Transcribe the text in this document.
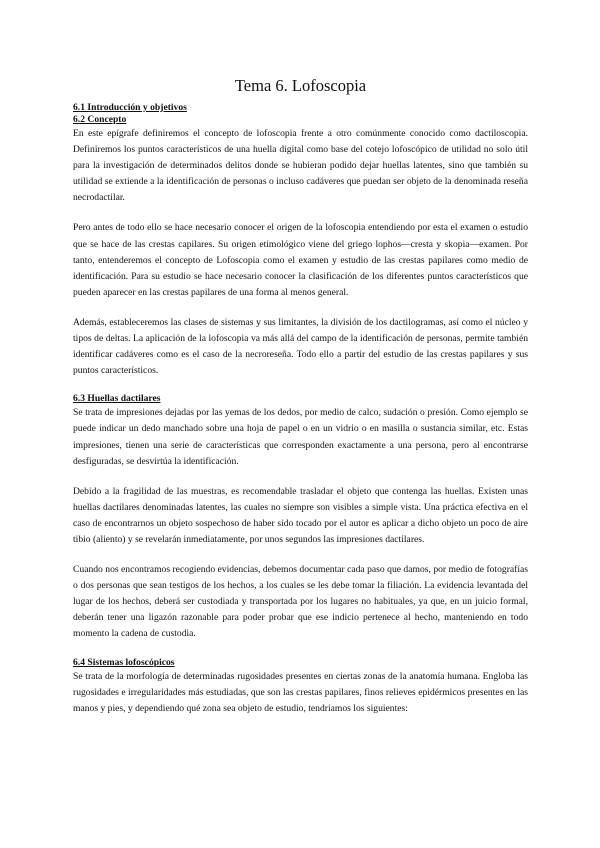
Tema 6. Lofoscopia

6.1 Introducción y objetivos

6.2 Concepto

En este epígrafe definiremos el concepto de lofoscopia frente a otro comúnmente conocido como dactiloscopia. Definiremos los puntos característicos de una huella digital como base del cotejo lofoscópico de utilidad no solo útil para la investigación de determinados delitos donde se hubieran podido dejar huellas latentes, sino que también su utilidad se extiende a la identificación de personas o incluso cadáveres que puedan ser objeto de la denominada reseña necrodactilar.

Pero antes de todo ello se hace necesario conocer el origen de la lofoscopia entendiendo por esta el examen o estudio que se hace de las crestas capilares. Su origen etimológico viene del griego lophos—cresta y skopia—examen. Por tanto, entenderemos el concepto de Lofoscopia como el examen y estudio de las crestas papilares como medio de identificación. Para su estudio se hace necesario conocer la clasificación de los diferentes puntos característicos que pueden aparecer en las crestas papilares de una forma al menos general.

Además, estableceremos las clases de sistemas y sus limitantes, la división de los dactilogramas, así como el núcleo y tipos de deltas. La aplicación de la lofoscopia va más allá del campo de la identificación de personas, permite también identificar cadáveres como es el caso de la necroreseña. Todo ello a partir del estudio de las crestas papilares y sus puntos característicos.

6.3 Huellas dactilares

Se trata de impresiones dejadas por las yemas de los dedos, por medio de calco, sudación o presión. Como ejemplo se puede indicar un dedo manchado sobre una hoja de papel o en un vidrio o en masilla o sustancia similar, etc. Estas impresiones, tienen una serie de características que corresponden exactamente a una persona, pero al encontrarse desfiguradas, se desvirtúa la identificación.

Debido a la fragilidad de las muestras, es recomendable trasladar el objeto que contenga las huellas. Existen unas huellas dactilares denominadas latentes, las cuales no siempre son visibles a simple vista. Una práctica efectiva en el caso de encontrarnos un objeto sospechoso de haber sido tocado por el autor es aplicar a dicho objeto un poco de aire tibio (aliento) y se revelarán inmediatamente, por unos segundos las impresiones dactilares.

Cuando nos encontramos recogiendo evidencias, debemos documentar cada paso que damos, por medio de fotografías o dos personas que sean testigos de los hechos, a los cuales se les debe tomar la filiación. La evidencia levantada del lugar de los hechos, deberá ser custodiada y transportada por los lugares no habituales, ya que, en un juicio formal, deberán tener una ligazón razonable para poder probar que ese indicio pertenece al hecho, manteniendo en todo momento la cadena de custodia.

6.4 Sistemas lofoscópicos

Se trata de la morfología de determinadas rugosidades presentes en ciertas zonas de la anatomía humana. Engloba las rugosidades e irregularidades más estudiadas, que son las crestas papilares, finos relieves epidérmicos presentes en las manos y pies, y dependiendo qué zona sea objeto de estudio, tendríamos los siguientes:
